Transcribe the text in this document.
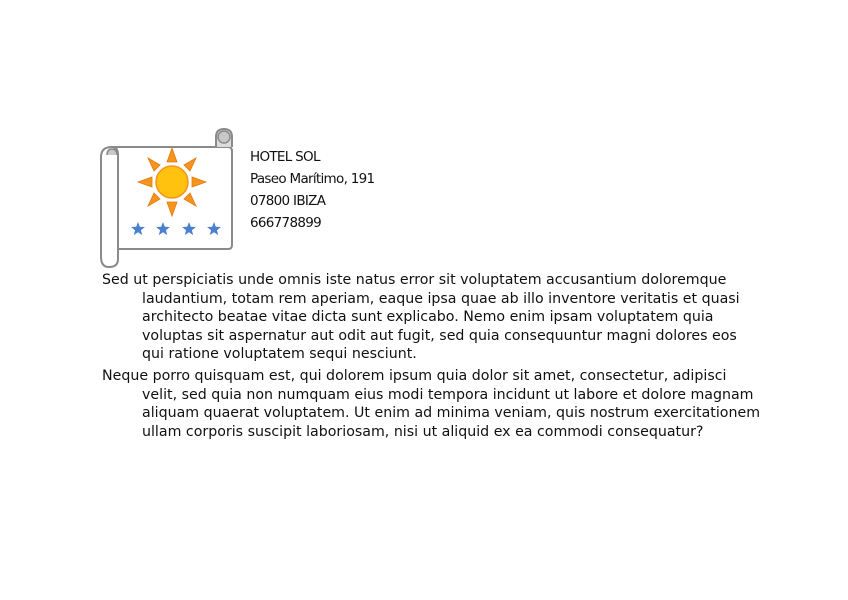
HOTEL SOL
Paseo Marítimo, 191
07800 IBIZA
666778899

Sed ut perspiciatis unde omnis iste natus error sit voluptatem accusantium doloremque laudantium, totam rem aperiam, eaque ipsa quae ab illo inventore veritatis et quasi architecto beatae vitae dicta sunt explicabo. Nemo enim ipsam voluptatem quia voluptas sit aspernatur aut odit aut fugit, sed quia consequuntur magni dolores eos qui ratione voluptatem sequi nesciunt.

Neque porro quisquam est, qui dolorem ipsum quia dolor sit amet, consectetur, adipisci velit, sed quia non numquam eius modi tempora incidunt ut labore et dolore magnam aliquam quaerat voluptatem. Ut enim ad minima veniam, quis nostrum exercitationem ullam corporis suscipit laboriosam, nisi ut aliquid ex ea commodi consequatur?
